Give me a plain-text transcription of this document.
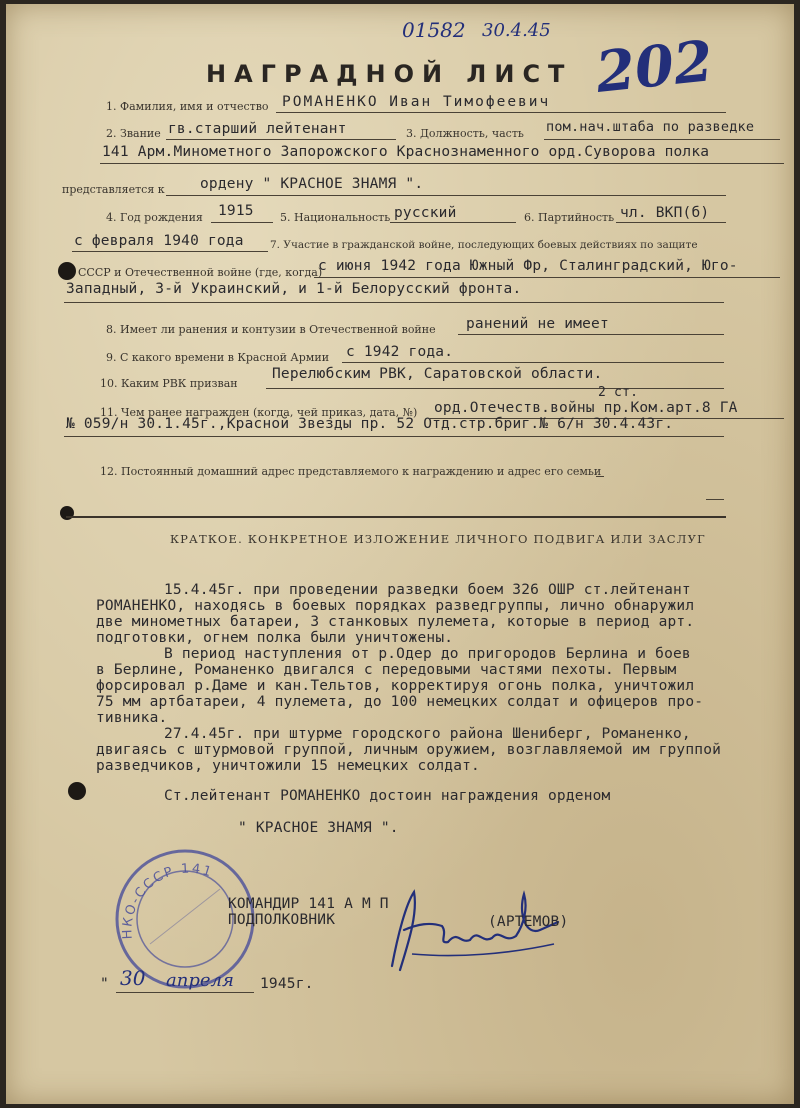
01582 30.4.45 202
НАГРАДНОЙ ЛИСТ
1. Фамилия, имя и отчество РОМАНЕНКО Иван Тимофеевич
2. Звание гв.старший лейтенант	3. Должность, часть пом.нач.штаба по разведке
141 Арм.Минометного Запорожского Краснознаменного орд.Суворова полка
представляется к ордену " КРАСНОЕ ЗНАМЯ ".
4. Год рождения 1915 5. Национальность русский	6. Партийность чл. ВКП(б)
с февраля 1940 года	7. Участие в гражданской войне, последующих боевых действиях по защите
СССР и Отечественной войне (где, когда)
с июня 1942 года Южный Фр, Сталинградский, Юго-
Западный, 3-й Украинский, и 1-й Белорусский фронта.
8. Имеет ли ранения и контузии в Отечественной войне ранений не имеет
9. С какого времени в Красной Армии с 1942 года.
10. Каким РВК призван
Перелюбским РВК, Саратовской области.
2 ст.
11. Чем ранее награжден (когда, чей приказ, дата, №) орд.Отечеств.войны пр.Ком.арт.8 ГА
№ 059/н 30.1.45г.,Красной Звезды пр. 52 Отд.стр.бриг.№ 6/н 30.4.43г.
12. Постоянный домашний адрес представляемого к награждению и адрес его семьи
КРАТКОЕ. КОНКРЕТНОЕ ИЗЛОЖЕНИЕ ЛИЧНОГО ПОДВИГА ИЛИ ЗАСЛУГ
15.4.45г. при проведении разведки боем 326 ОШР ст.лейтенант
РОМАНЕНКО, находясь в боевых порядках разведгруппы, лично обнаружил
две минометных батареи, 3 станковых пулемета, которые в период арт.
подготовки, огнем полка были уничтожены.
В период наступления от р.Одер до пригородов Берлина и боев
в Берлине, Романенко двигался с передовыми частями пехоты. Первым
форсировал р.Даме и кан.Тельтов, корректируя огонь полка, уничтожил
75 мм артбатареи, 4 пулемета, до 100 немецких солдат и офицеров про-
тивника.
27.4.45г. при штурме городского района Шениберг, Романенко,
двигаясь с штурмовой группой, личным оружием, возглавляемой им группой
разведчиков, уничтожили 15 немецких солдат.
Ст.лейтенант РОМАНЕНКО достоин награждения орденом
" КРАСНОЕ ЗНАМЯ ".
НКО-СССР 141
КОМАНДИР 141 А М П
ПОДПОЛКОВНИК	(АРТЕМОВ)
" 30 апреля 1945г.
